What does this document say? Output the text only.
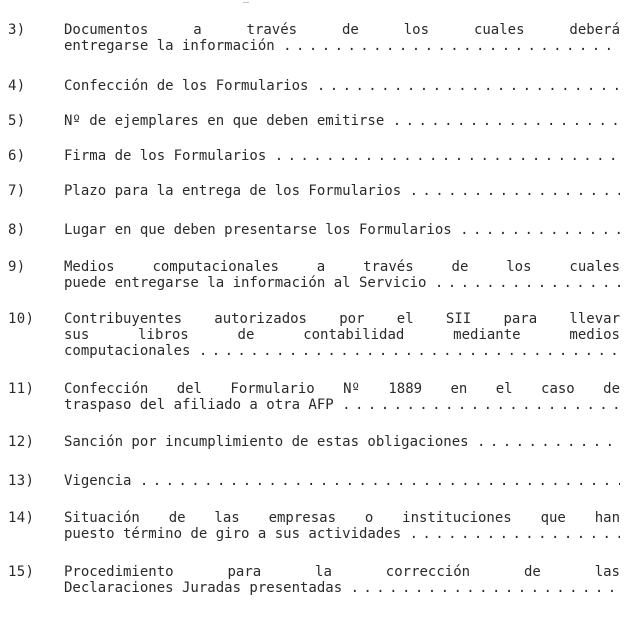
3)	Documentos a través de los cuales deberá
entregarse la información
. . .
4)	Confección de los Formularios
. . .
5)	Nº de ejemplares en que deben emitirse
. . .
6)	Firma de los Formularios
. . .
7)	Plazo para la entrega de los Formularios
. . .
8)	Lugar en que deben presentarse los Formularios
. . .
9)	Medios computacionales a través de los cuales
puede entregarse la información al Servicio
. . .
10) Contribuyentes autorizados por el SII para llevar
sus libros de contabilidad mediante medios
computacionales
. . .
11) Confección del Formulario Nº 1889 en el caso de
traspaso del afiliado a otra AFP
. . .
12) Sanción por incumplimiento de estas obligaciones
. . .
13) Vigencia
. . .
14) Situación de las empresas o instituciones que han
puesto término de giro a sus actividades
. . .
15) Procedimiento para la corrección de las
Declaraciones Juradas presentadas
. . .
